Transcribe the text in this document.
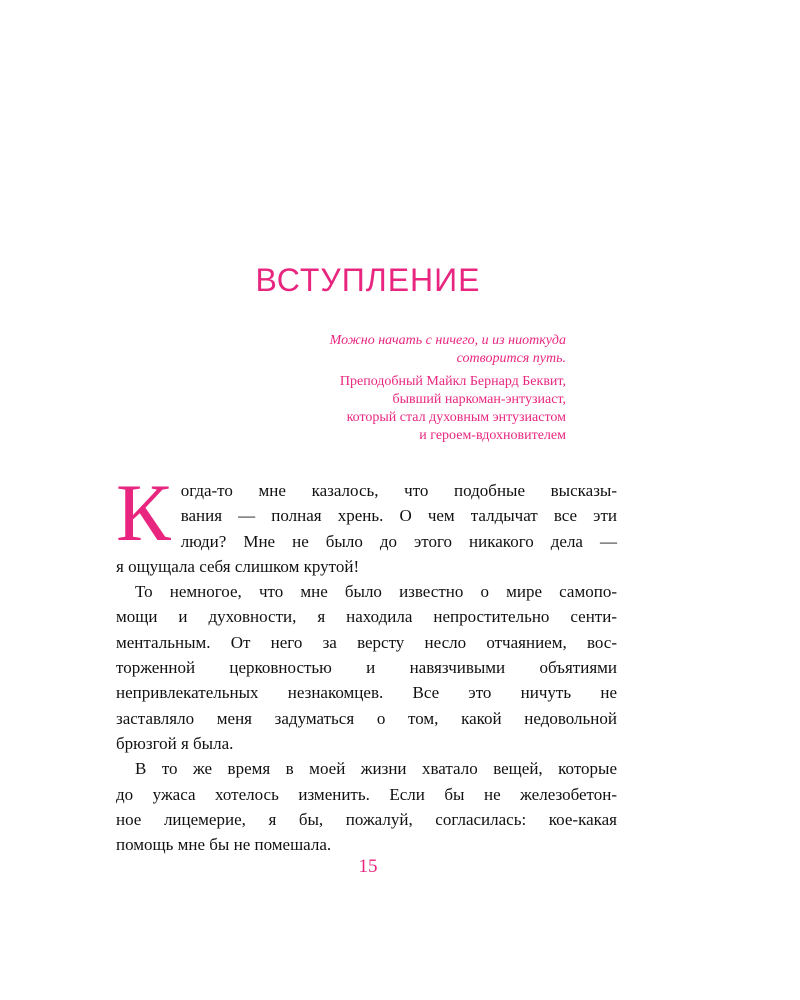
ВСТУПЛЕНИЕ
Можно начать с ничего, и из ниоткуда
сотворится путь.
Преподобный Майкл Бернард Беквит,
бывший наркоман-энтузиаст,
который стал духовным энтузиастом
и героем-вдохновителем
К огда-то мне казалось, что подобные высказы-
вания — полная хрень. О чем талдычат все эти
люди? Мне не было до этого никакого дела —
я ощущала себя слишком крутой!
То немногое, что мне было известно о мире самопо-
мощи и духовности, я находила непростительно сенти-
ментальным. От него за версту несло отчаянием, вос-
торженной церковностью и навязчивыми объятиями
непривлекательных незнакомцев. Все это ничуть не
заставляло меня задуматься о том, какой недовольной
брюзгой я была.
В то же время в моей жизни хватало вещей, которые
до ужаса хотелось изменить. Если бы не железобетон-
ное лицемерие, я бы, пожалуй, согласилась: кое-какая
помощь мне бы не помешала.
15
